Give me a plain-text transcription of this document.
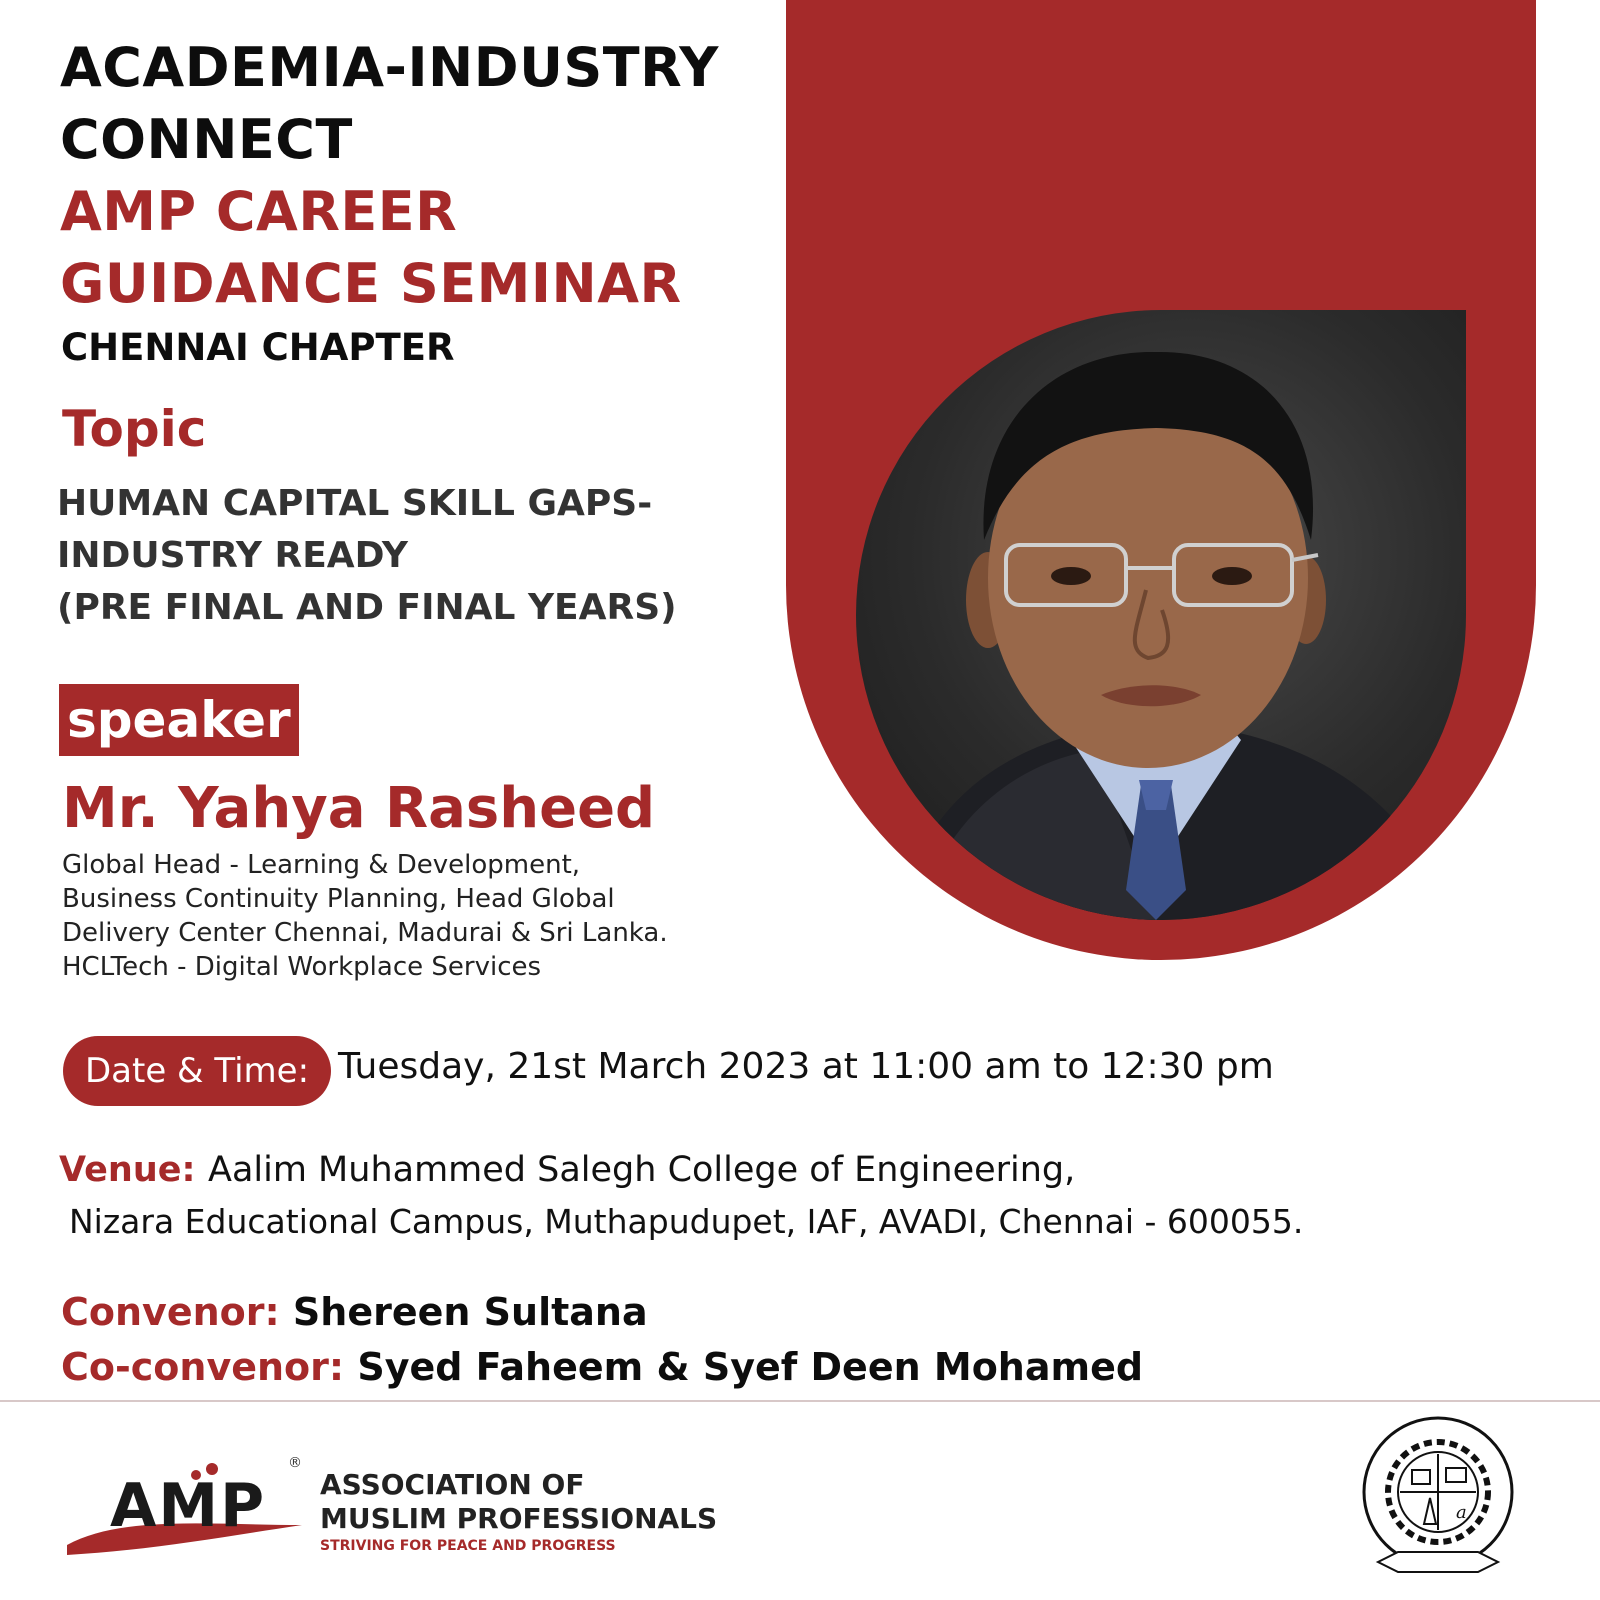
ACADEMIA-INDUSTRY
CONNECT
AMP CAREER
GUIDANCE SEMINAR
CHENNAI CHAPTER
Topic
HUMAN CAPITAL SKILL GAPS-
INDUSTRY READY
(PRE FINAL AND FINAL YEARS)
speaker
Mr. Yahya Rasheed
Global Head - Learning & Development,
Business Continuity Planning, Head Global
Delivery Center Chennai, Madurai & Sri Lanka.
HCLTech - Digital Workplace Services
Date & Time: Tuesday, 21st March 2023 at 11:00 am to 12:30 pm
Venue: Aalim Muhammed Salegh College of Engineering,
Nizara Educational Campus, Muthapudupet, IAF, AVADI, Chennai - 600055.
Convenor: Shereen Sultana
Co-convenor: Syed Faheem & Syef Deen Mohamed
AMP
®
ASSOCIATION OF
MUSLIM PROFESSIONALS
STRIVING FOR PEACE AND PROGRESS
a
